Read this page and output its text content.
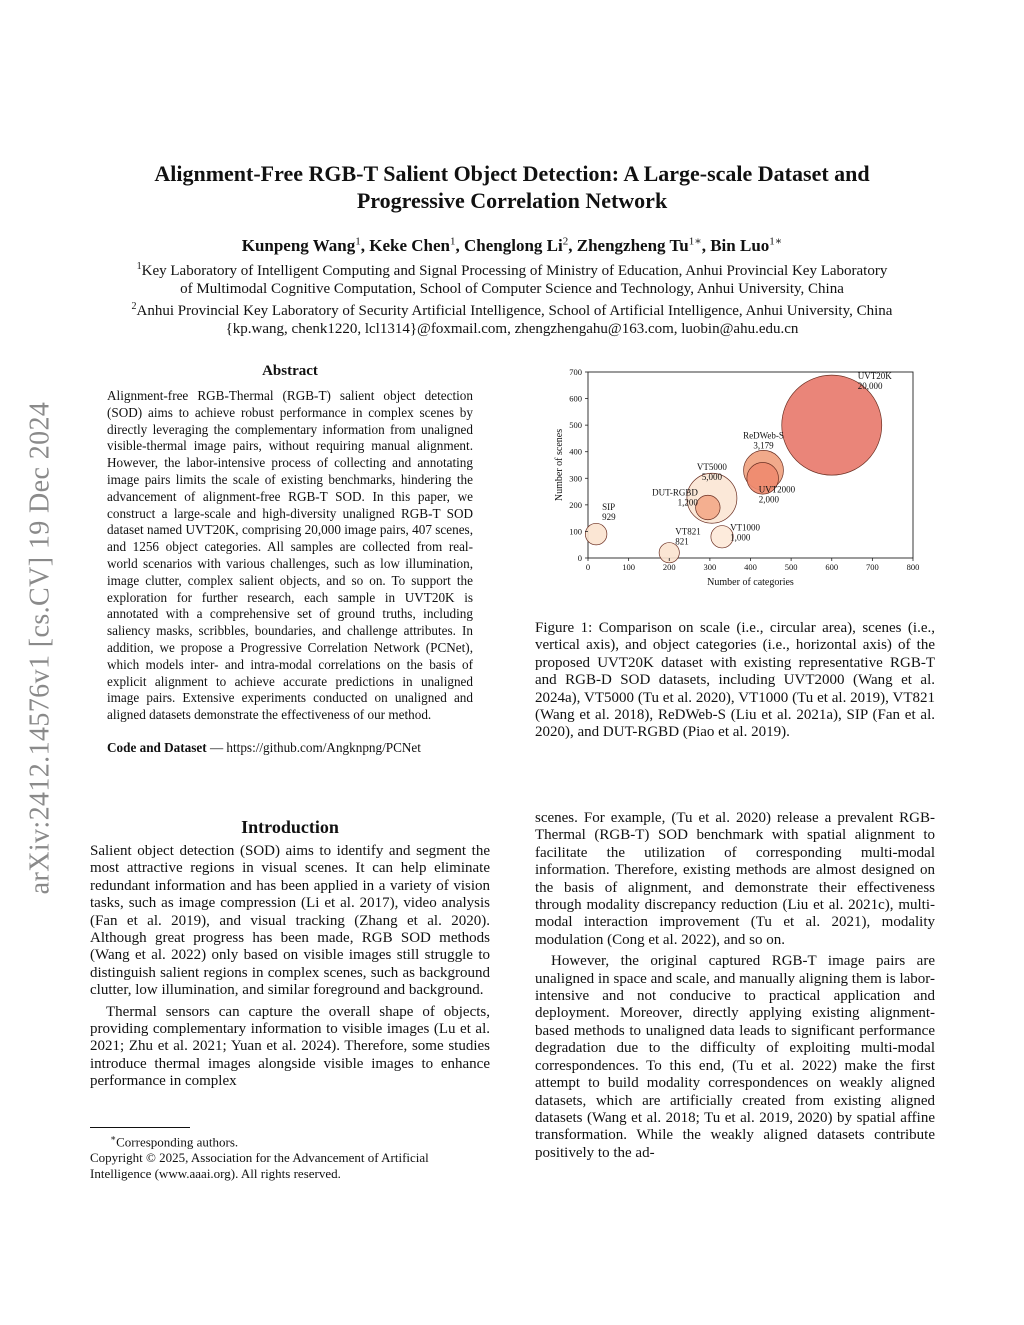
arXiv:2412.14576v1 [cs.CV] 19 Dec 2024
Alignment-Free RGB-T Salient Object Detection: A Large-scale Dataset and
Progressive Correlation Network
Kunpeng Wang$^1$, Keke Chen$^1$, Chenglong Li$^2$, Zhengzheng $Tu^{1∗}$, Bin Luo$^{1∗}$
$^1$Key Laboratory of Intelligent Computing and Signal Processing of Ministry of Education, Anhui Provincial Key Laboratory
of Multimodal Cognitive Computation, School of Computer Science and Technology, Anhui University, China
$^2$Anhui Provincial Key Laboratory of Security Artificial Intelligence, School of Artificial Intelligence, Anhui University, China
{kp.wang, chenk1220, lcl1314}@foxmail.com, zhengzhengahu@163.com, luobin@ahu.edu.cn
Abstract
Alignment-free RGB-Thermal (RGB-T) salient object detection (SOD) aims to achieve robust performance in complex scenes by directly leveraging the complementary information from unaligned visible-thermal image pairs, without requiring manual alignment. However, the labor-intensive process of collecting and annotating image pairs limits the scale of existing benchmarks, hindering the advancement of alignment-free RGB-T SOD. In this paper, we construct a large-scale and high-diversity unaligned RGB-T SOD dataset named UVT20K, comprising 20,000 image pairs, 407 scenes, and 1256 object categories. All samples are collected from real-world scenarios with various challenges, such as low illumination, image clutter, complex salient objects, and so on. To support the exploration for further research, each sample in UVT20K is annotated with a comprehensive set of ground truths, including saliency masks, scribbles, boundaries, and challenge attributes. In addition, we propose a Progressive Correlation Network (PCNet), which models inter- and intra-modal correlations on the basis of explicit alignment to achieve accurate predictions in unaligned image pairs. Extensive experiments conducted on unaligned and aligned datasets demonstrate the effectiveness of our method.
Code and Dataset — https://github.com/Angknpng/PCNet
Introduction

Salient object detection (SOD) aims to identify and segment the most attractive regions in visual scenes. It can help eliminate redundant information and has been applied in a variety of vision tasks, such as image compression (Li et al. 2017), video analysis (Fan et al. 2019), and visual tracking (Zhang et al. 2020). Although great progress has been made, RGB SOD methods (Wang et al. 2022) only based on visible images still struggle to distinguish salient regions in complex scenes, such as background clutter, low illumination, and similar foreground and background.

Thermal sensors can capture the overall shape of objects, providing complementary information to visible images (Lu et al. 2021; Zhu et al. 2021; Yuan et al. 2024). Therefore, some studies introduce thermal images alongside visible images to enhance performance in complex

∗Corresponding authors.
Copyright © 2025, Association for the Advancement of Artificial Intelligence (www.aaai.org). All rights reserved.
UVT20K
20,000
ReDWeb-S
3,179
UVT2000
2,000
VT5000
5,000
DUT-RGBD
1,200
VT1000
1,000
VT821
821
SIP
929
0	100	200	300	400	500	600	700	800
0
100
200
300
400
500
600
700
Number of categories
Number of scenes
Figure 1: Comparison on scale (i.e., circular area), scenes (i.e., vertical axis), and object categories (i.e., horizontal axis) of the proposed UVT20K dataset with existing representative RGB-T and RGB-D SOD datasets, including UVT2000 (Wang et al. 2024a), VT5000 (Tu et al. 2020), VT1000 (Tu et al. 2019), VT821 (Wang et al. 2018), ReDWeb-S (Liu et al. 2021a), SIP (Fan et al. 2020), and DUT-RGBD (Piao et al. 2019).

scenes. For example, (Tu et al. 2020) release a prevalent RGB-Thermal (RGB-T) SOD benchmark with spatial alignment to facilitate the utilization of corresponding multi-modal information. Therefore, existing methods are almost designed on the basis of alignment, and demonstrate their effectiveness through modality discrepancy reduction (Liu et al. 2021c), multi-modal interaction improvement (Tu et al. 2021), modality modulation (Cong et al. 2022), and so on.

However, the original captured RGB-T image pairs are unaligned in space and scale, and manually aligning them is labor-intensive and not conducive to practical application and deployment. Moreover, directly applying existing alignment-based methods to unaligned data leads to significant performance degradation due to the difficulty of exploiting multi-modal correspondences. To this end, (Tu et al. 2022) make the first attempt to build modality correspondences on weakly aligned datasets, which are artificially created from existing aligned datasets (Wang et al. 2018; Tu et al. 2019, 2020) by spatial affine transformation. While the weakly aligned datasets contribute positively to the ad-
